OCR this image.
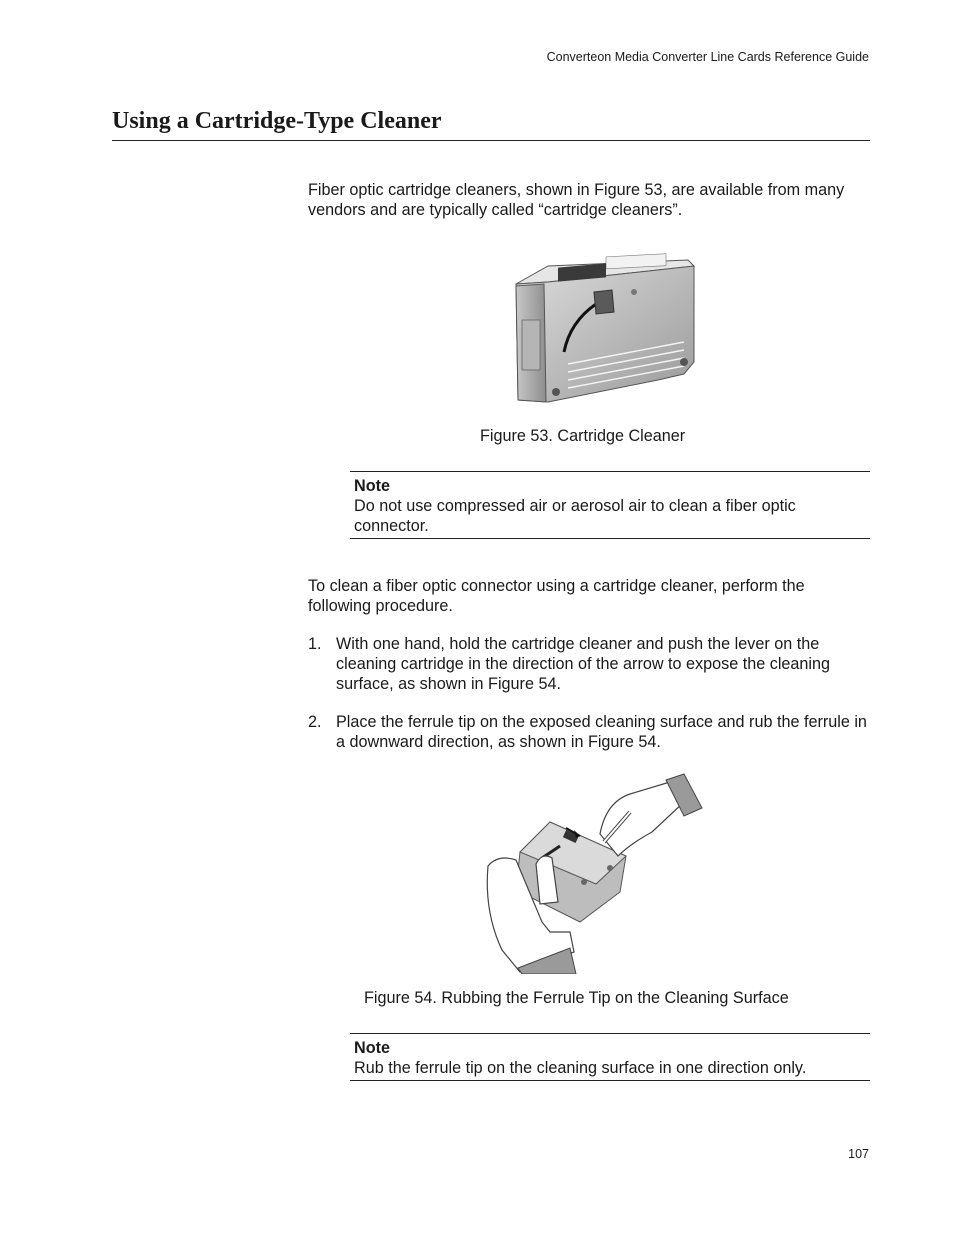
Converteon Media Converter Line Cards Reference Guide
Using a Cartridge-Type Cleaner
Fiber optic cartridge cleaners, shown in Figure 53, are available from many vendors and are typically called “cartridge cleaners”.
Figure 53. Cartridge Cleaner
Note
Do not use compressed air or aerosol air to clean a fiber optic connector.
To clean a fiber optic connector using a cartridge cleaner, perform the following procedure.
1. With one hand, hold the cartridge cleaner and push the lever on the cleaning cartridge in the direction of the arrow to expose the cleaning surface, as shown in Figure 54.
2. Place the ferrule tip on the exposed cleaning surface and rub the ferrule in a downward direction, as shown in Figure 54.
Figure 54. Rubbing the Ferrule Tip on the Cleaning Surface
Note
Rub the ferrule tip on the cleaning surface in one direction only.
107
